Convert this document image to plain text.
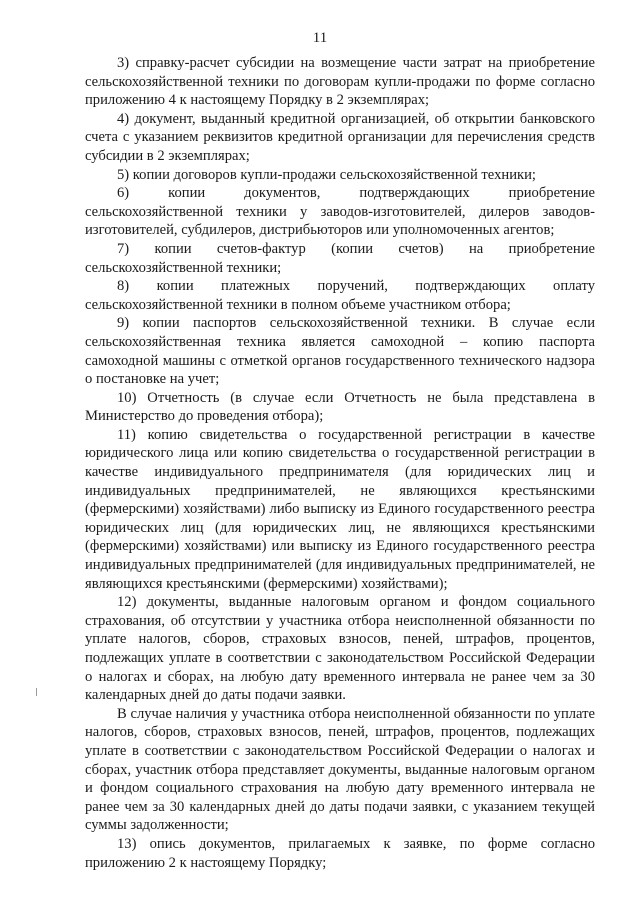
11

3) справку-расчет субсидии на возмещение части затрат на приобретение сельскохозяйственной техники по договорам купли-продажи по форме согласно приложению 4 к настоящему Порядку в 2 экземплярах;

4) документ, выданный кредитной организацией, об открытии банковского счета с указанием реквизитов кредитной организации для перечисления средств субсидии в 2 экземплярах;

5) копии договоров купли-продажи сельскохозяйственной техники;

6) копии документов, подтверждающих приобретение сельскохозяйственной техники у заводов-изготовителей, дилеров заводов-изготовителей, субдилеров, дистрибьюторов или уполномоченных агентов;

7) копии счетов-фактур (копии счетов) на приобретение сельскохозяйственной техники;

8) копии платежных поручений, подтверждающих оплату сельскохозяйственной техники в полном объеме участником отбора;

9) копии паспортов сельскохозяйственной техники. В случае если сельскохозяйственная техника является самоходной – копию паспорта самоходной машины с отметкой органов государственного технического надзора о постановке на учет;

10) Отчетность (в случае если Отчетность не была представлена в Министерство до проведения отбора);

11) копию свидетельства о государственной регистрации в качестве юридического лица или копию свидетельства о государственной регистрации в качестве индивидуального предпринимателя (для юридических лиц и индивидуальных предпринимателей, не являющихся крестьянскими (фермерскими) хозяйствами) либо выписку из Единого государственного реестра юридических лиц (для юридических лиц, не являющихся крестьянскими (фермерскими) хозяйствами) или выписку из Единого государственного реестра индивидуальных предпринимателей (для индивидуальных предпринимателей, не являющихся крестьянскими (фермерскими) хозяйствами);

12) документы, выданные налоговым органом и фондом социального страхования, об отсутствии у участника отбора неисполненной обязанности по уплате налогов, сборов, страховых взносов, пеней, штрафов, процентов, подлежащих уплате в соответствии с законодательством Российской Федерации о налогах и сборах, на любую дату временного интервала не ранее чем за 30 календарных дней до даты подачи заявки.

В случае наличия у участника отбора неисполненной обязанности по уплате налогов, сборов, страховых взносов, пеней, штрафов, процентов, подлежащих уплате в соответствии с законодательством Российской Федерации о налогах и сборах, участник отбора представляет документы, выданные налоговым органом и фондом социального страхования на любую дату временного интервала не ранее чем за 30 календарных дней до даты подачи заявки, с указанием текущей суммы задолженности;

13) опись документов, прилагаемых к заявке, по форме согласно приложению 2 к настоящему Порядку;
